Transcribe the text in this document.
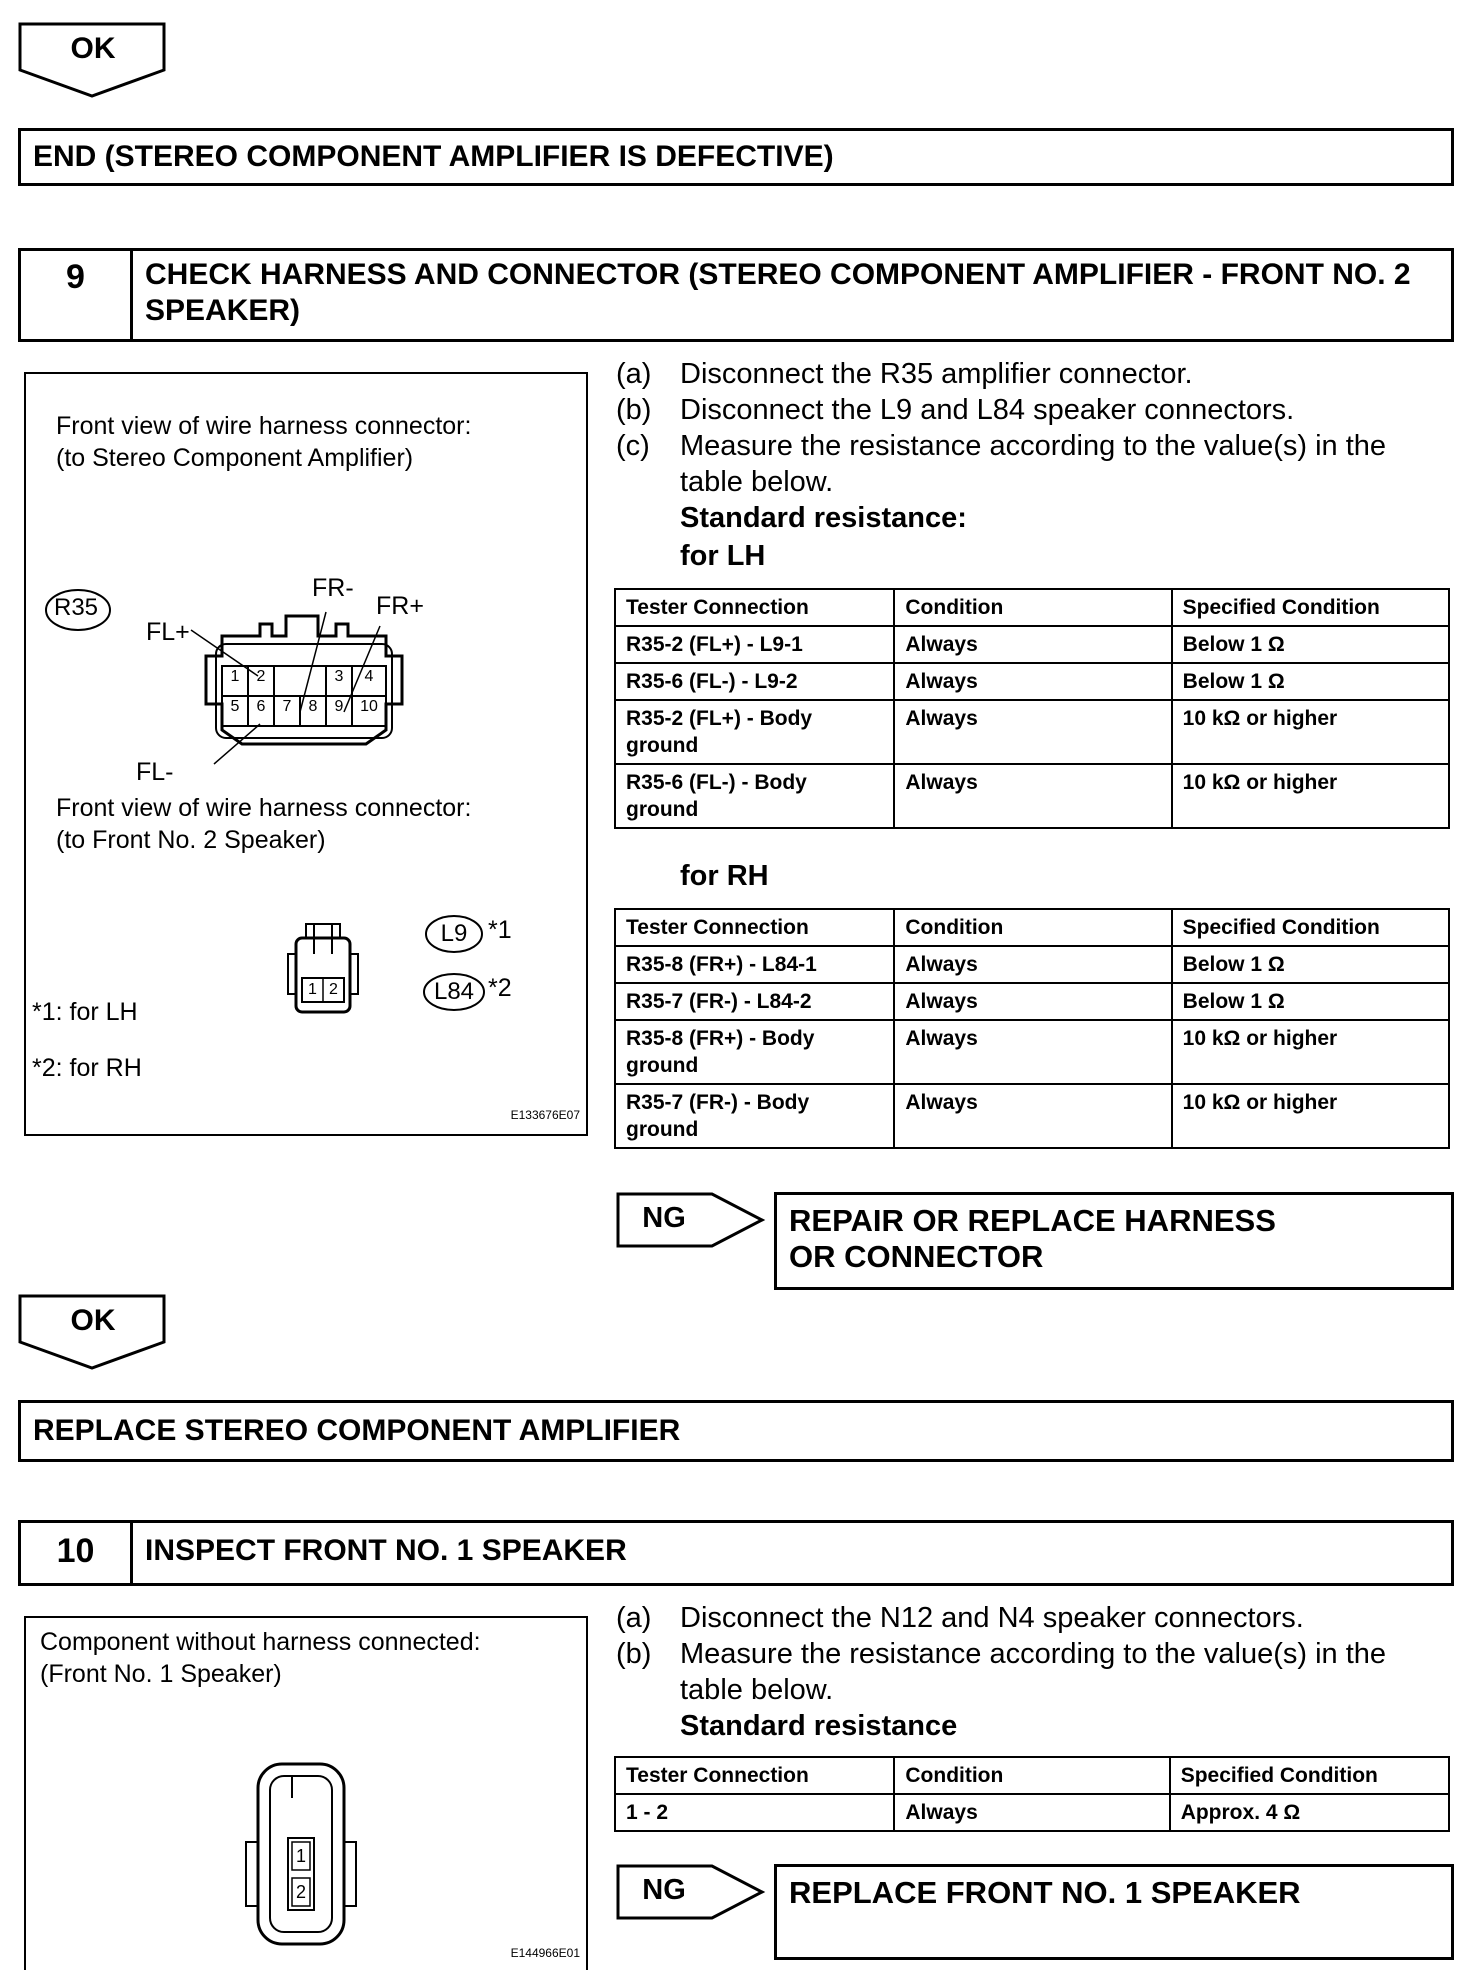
OK
END (STEREO COMPONENT AMPLIFIER IS DEFECTIVE)
9	CHECK HARNESS AND CONNECTOR (STEREO COMPONENT AMPLIFIER - FRONT NO. 2 SPEAKER)
Front view of wire harness connector:
(to Stereo Component Amplifier)
R35
FR-
FR+
FL+
FL-
1	2	3	4
5	6	7	8	9	10
Front view of wire harness connector:
(to Front No. 2 Speaker)
1 2
L9 *1
L84 *2
*1: for LH
*2: for RH
E133676E07
(a) Disconnect the R35 amplifier connector.
(b) Disconnect the L9 and L84 speaker connectors.
(c) Measure the resistance according to the value(s) in the
table below.
Standard resistance:
for LH
Tester Connection	Condition	Specified Condition
R35-2 (FL+) - L9-1	Always	Below 1 Ω
R35-6 (FL-) - L9-2	Always	Below 1 Ω
R35-2 (FL+) - Body ground	Always	10 kΩ or higher
R35-6 (FL-) - Body ground	Always	10 kΩ or higher
for RH
Tester Connection	Condition	Specified Condition
R35-8 (FR+) - L84-1	Always	Below 1 Ω
R35-7 (FR-) - L84-2	Always	Below 1 Ω
R35-8 (FR+) - Body ground	Always	10 kΩ or higher
R35-7 (FR-) - Body ground	Always	10 kΩ or higher
NG	REPAIR OR REPLACE HARNESS OR CONNECTOR
OK
REPLACE STEREO COMPONENT AMPLIFIER
10	INSPECT FRONT NO. 1 SPEAKER
Component without harness connected:
(Front No. 1 Speaker)
1
2
E144966E01
(a) Disconnect the N12 and N4 speaker connectors.
(b) Measure the resistance according to the value(s) in the
table below.
Standard resistance
Tester Connection	Condition	Specified Condition
1 - 2	Always	Approx. 4 Ω
NG	REPLACE FRONT NO. 1 SPEAKER
